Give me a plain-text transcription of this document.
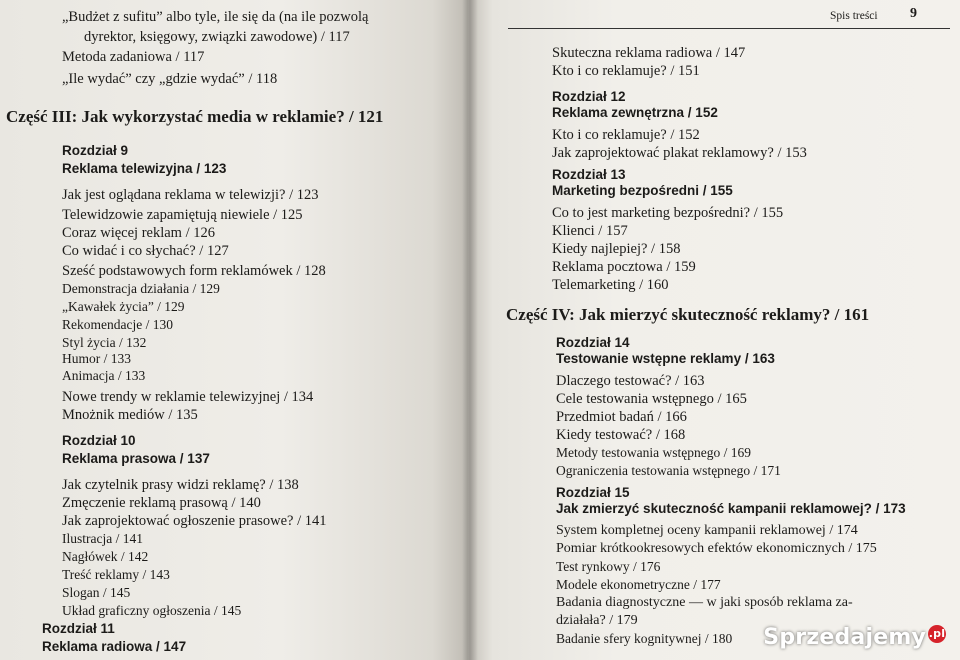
„Budżet z sufitu” albo tyle, ile się da (na ile pozwolą
dyrektor, księgowy, związki zawodowe) / 117
Metoda zadaniowa / 117
„Ile wydać” czy „gdzie wydać” / 118
Część III: Jak wykorzystać media w reklamie? / 121
Rozdział 9
Reklama telewizyjna / 123
Jak jest oglądana reklama w telewizji? / 123
Telewidzowie zapamiętują niewiele / 125
Coraz więcej reklam / 126
Co widać i co słychać? / 127
Sześć podstawowych form reklamówek / 128
Demonstracja działania / 129
„Kawałek życia” / 129
Rekomendacje / 130
Styl życia / 132
Humor / 133
Animacja / 133
Nowe trendy w reklamie telewizyjnej / 134
Mnożnik mediów / 135
Rozdział 10
Reklama prasowa / 137
Jak czytelnik prasy widzi reklamę? / 138
Zmęczenie reklamą prasową / 140
Jak zaprojektować ogłoszenie prasowe? / 141
Ilustracja / 141
Nagłówek / 142
Treść reklamy / 143
Slogan / 145
Układ graficzny ogłoszenia / 145
Rozdział 11
Reklama radiowa / 147
Spis treści 9
Skuteczna reklama radiowa / 147
Kto i co reklamuje? / 151
Rozdział 12
Reklama zewnętrzna / 152
Kto i co reklamuje? / 152
Jak zaprojektować plakat reklamowy? / 153
Rozdział 13
Marketing bezpośredni / 155
Co to jest marketing bezpośredni? / 155
Klienci / 157
Kiedy najlepiej? / 158
Reklama pocztowa / 159
Telemarketing / 160
Część IV: Jak mierzyć skuteczność reklamy? / 161
Rozdział 14
Testowanie wstępne reklamy / 163
Dlaczego testować? / 163
Cele testowania wstępnego / 165
Przedmiot badań / 166
Kiedy testować? / 168
Metody testowania wstępnego / 169
Ograniczenia testowania wstępnego / 171
Rozdział 15
Jak zmierzyć skuteczność kampanii reklamowej? / 173
System kompletnej oceny kampanii reklamowej / 174
Pomiar krótkookresowych efektów ekonomicznych / 175
Test rynkowy / 176
Modele ekonometryczne / 177
Badania diagnostyczne — w jaki sposób reklama za-
działała? / 179
Badanie sfery kognitywnej / 180 Sprzedajemy .pl
